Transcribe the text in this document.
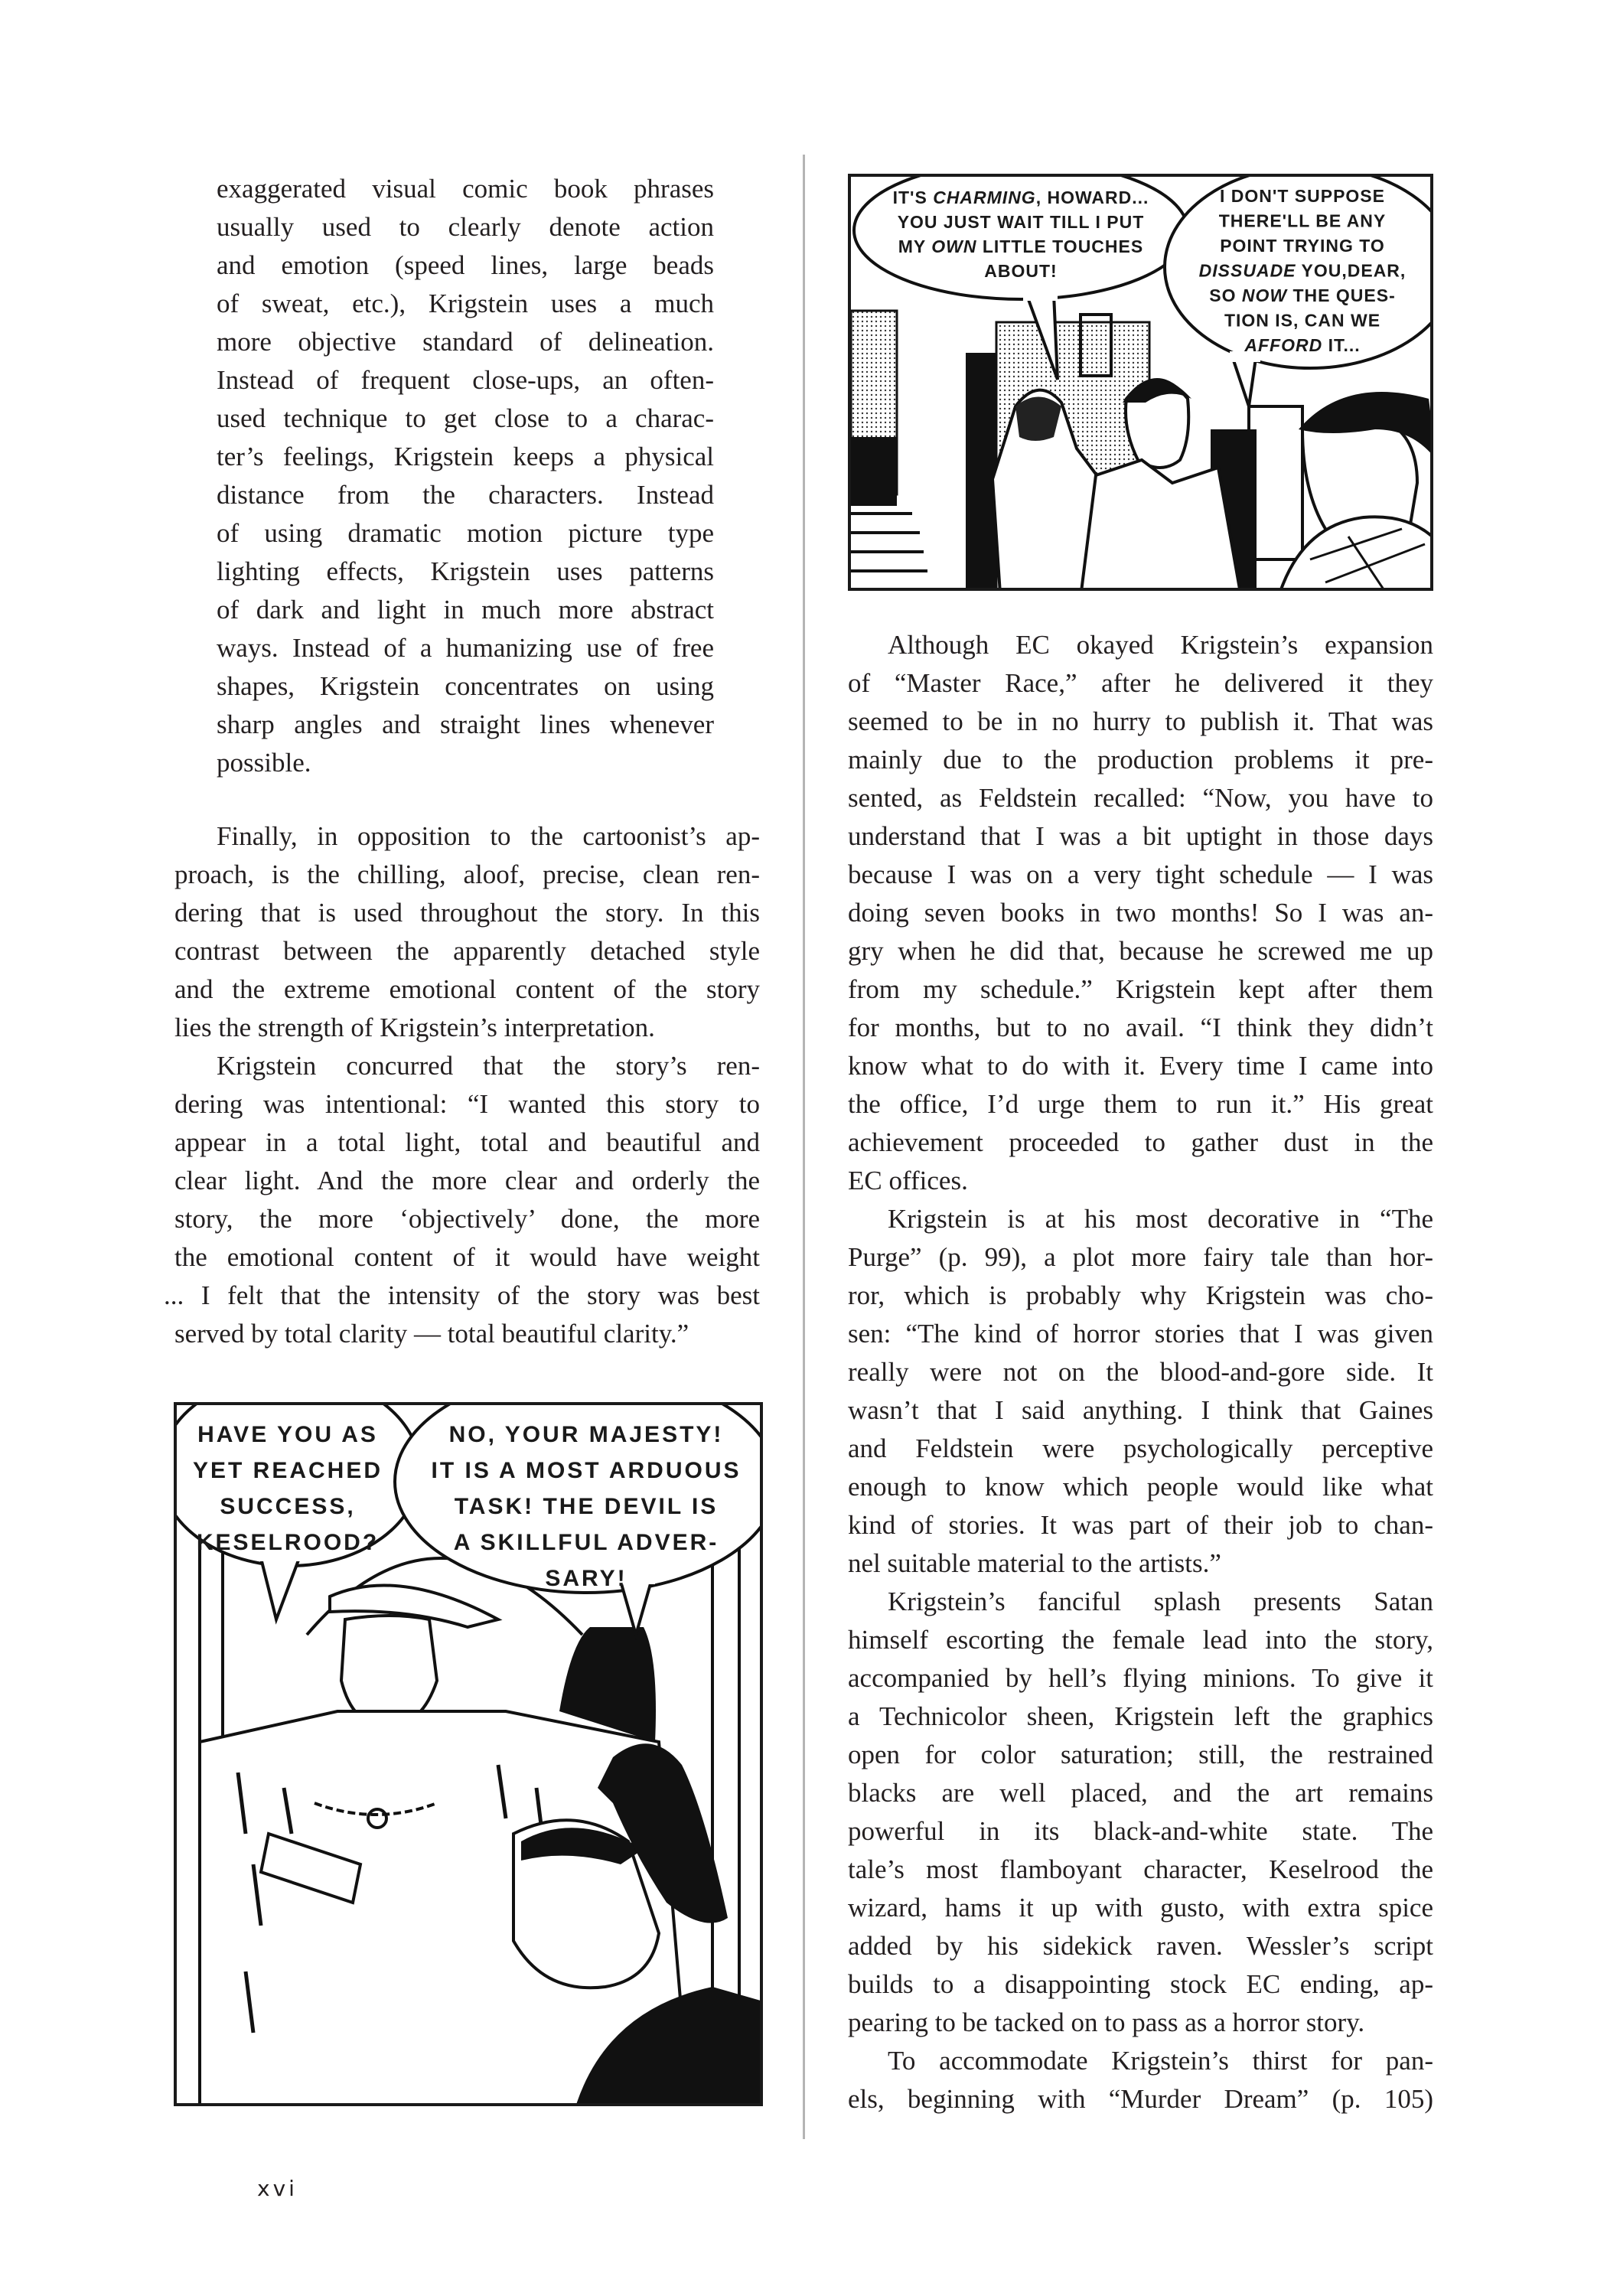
exaggerated visual comic book phrases
usually used to clearly denote action
and emotion (speed lines, large beads
of sweat, etc.), Krigstein uses a much
more objective standard of delineation.
Instead of frequent close-ups, an often-
used technique to get close to a charac-
ter’s feelings, Krigstein keeps a physical
distance from the characters. Instead
of using dramatic motion picture type
lighting effects, Krigstein uses patterns
of dark and light in much more abstract
ways. Instead of a humanizing use of free
shapes, Krigstein concentrates on using
sharp angles and straight lines whenever
possible.
Finally, in opposition to the cartoonist’s ap-
proach, is the chilling, aloof, precise, clean ren-
dering that is used throughout the story. In this
contrast between the apparently detached style
and the extreme emotional content of the story
lies the strength of Krigstein’s interpretation.
Krigstein concurred that the story’s ren-
dering was intentional: “I wanted this story to
appear in a total light, total and beautiful and
clear light. And the more clear and orderly the
story, the more ‘objectively’ done, the more
the emotional content of it would have weight
... I felt that the intensity of the story was best
served by total clarity — total beautiful clarity.”
Although EC okayed Krigstein’s expansion
of “Master Race,” after he delivered it they
seemed to be in no hurry to publish it. That was
mainly due to the production problems it pre-
sented, as Feldstein recalled: “Now, you have to
understand that I was a bit uptight in those days
because I was on a very tight schedule — I was
doing seven books in two months! So I was an-
gry when he did that, because he screwed me up
from my schedule.” Krigstein kept after them
for months, but to no avail. “I think they didn’t
know what to do with it. Every time I came into
the office, I’d urge them to run it.” His great
achievement proceeded to gather dust in the
EC offices.
Krigstein is at his most decorative in “The
Purge” (p. 99), a plot more fairy tale than hor-
ror, which is probably why Krigstein was cho-
sen: “The kind of horror stories that I was given
really were not on the blood-and-gore side. It
wasn’t that I said anything. I think that Gaines
and Feldstein were psychologically perceptive
enough to know which people would like what
kind of stories. It was part of their job to chan-
nel suitable material to the artists.”
Krigstein’s fanciful splash presents Satan
himself escorting the female lead into the story,
accompanied by hell’s flying minions. To give it
a Technicolor sheen, Krigstein left the graphics
open for color saturation; still, the restrained
blacks are well placed, and the art remains
powerful in its black-and-white state. The
tale’s most flamboyant character, Keselrood the
wizard, hams it up with gusto, with extra spice
added by his sidekick raven. Wessler’s script
builds to a disappointing stock EC ending, ap-
pearing to be tacked on to pass as a horror story.
To accommodate Krigstein’s thirst for pan-
els, beginning with “Murder Dream” (p. 105)
IT'S CHARMING, HOWARD...
YOU JUST WAIT TILL I PUT
MY OWN LITTLE TOUCHES
ABOUT!
I DON'T SUPPOSE
THERE'LL BE ANY
POINT TRYING TO
DISSUADE YOU,DEAR,
SO NOW THE QUES-
TION IS, CAN WE
AFFORD IT...
HAVE YOU AS
YET REACHED
SUCCESS,
KESELROOD?
NO, YOUR MAJESTY!
IT IS A MOST ARDUOUS
TASK! THE DEVIL IS
A SKILLFUL ADVER-
SARY!
xvi
